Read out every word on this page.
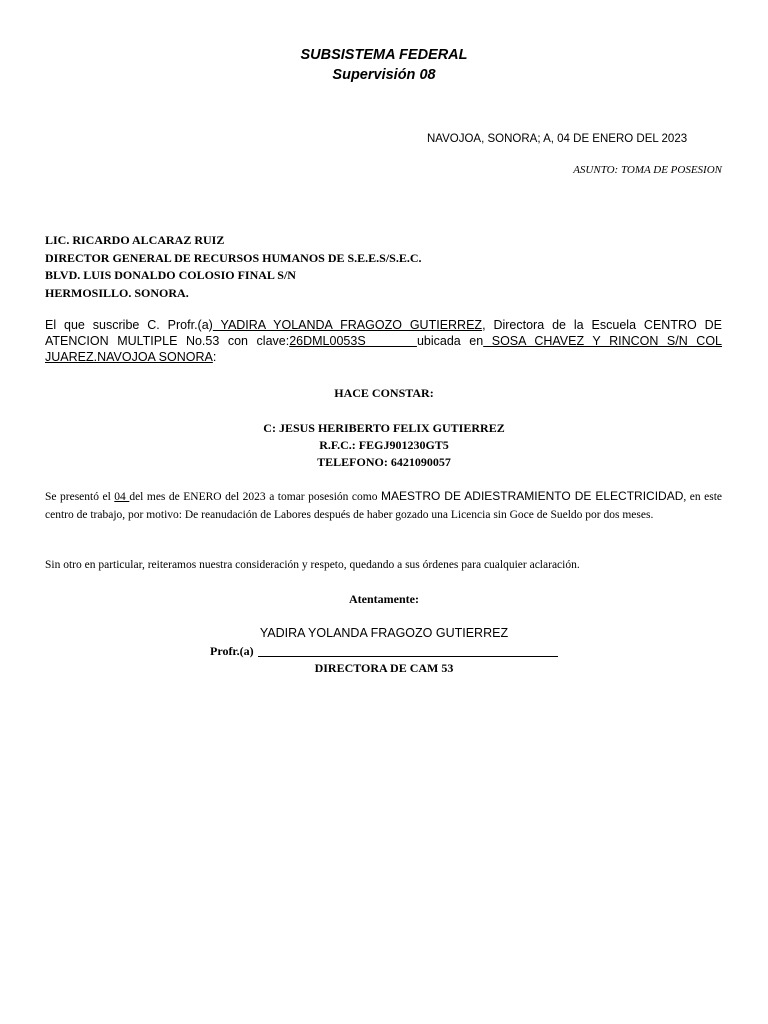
SUBSISTEMA FEDERAL
Supervisión 08
NAVOJOA, SONORA; A, 04 DE ENERO DEL 2023
ASUNTO: TOMA DE POSESION
LIC. RICARDO ALCARAZ RUIZ
DIRECTOR GENERAL DE RECURSOS HUMANOS DE S.E.E.S/S.E.C.
BLVD. LUIS DONALDO COLOSIO FINAL S/N
HERMOSILLO. SONORA.
El que suscribe C. Profr.(a) YADIRA YOLANDA FRAGOZO GUTIERREZ, Directora de la Escuela CENTRO DE ATENCION MULTIPLE No.53 con clave:26DML0053S      ubicada en SOSA CHAVEZ Y RINCON S/N COL JUAREZ.NAVOJOA SONORA:
HACE CONSTAR:
C: JESUS HERIBERTO FELIX GUTIERREZ
R.F.C.: FEGJ901230GT5
TELEFONO: 6421090057
Se presentó el 04 del mes de ENERO del 2023 a tomar posesión como MAESTRO DE ADIESTRAMIENTO DE ELECTRICIDAD, en este centro de trabajo, por motivo: De reanudación de Labores después de haber gozado una Licencia sin Goce de Sueldo por dos meses.
Sin otro en particular, reiteramos nuestra consideración y respeto, quedando a sus órdenes para cualquier aclaración.
Atentamente:
YADIRA YOLANDA FRAGOZO GUTIERREZ
Profr.(a)
DIRECTORA DE CAM 53
